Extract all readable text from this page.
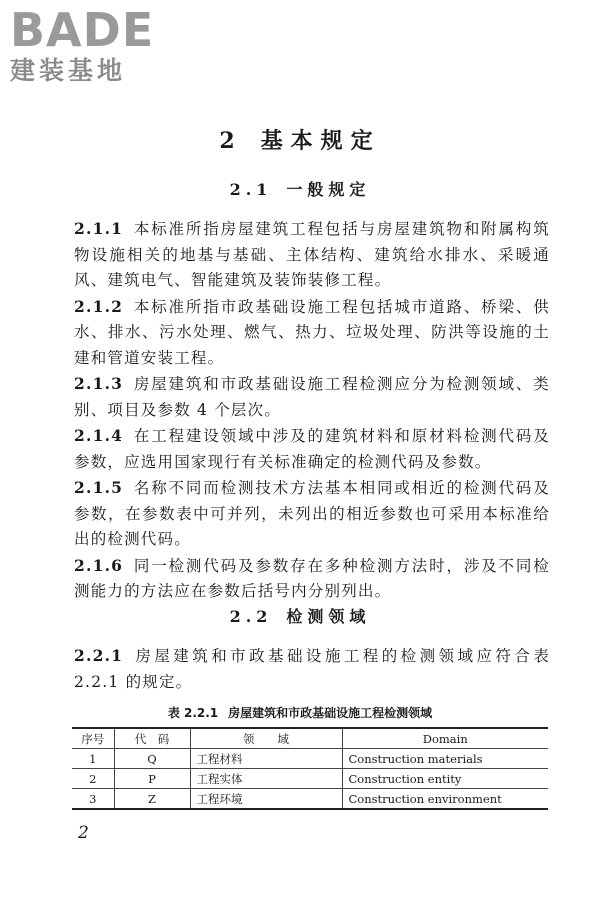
BADE
建装基地
2 基本规定
2.1 一般规定

2.1.1 本标准所指房屋建筑工程包括与房屋建筑物和附属构筑物设施相关的地基与基础、主体结构、建筑给水排水、采暖通风、建筑电气、智能建筑及装饰装修工程。

2.1.2 本标准所指市政基础设施工程包括城市道路、桥梁、供水、排水、污水处理、燃气、热力、垃圾处理、防洪等设施的土建和管道安装工程。

2.1.3 房屋建筑和市政基础设施工程检测应分为检测领域、类别、项目及参数 4 个层次。

2.1.4 在工程建设领域中涉及的建筑材料和原材料检测代码及参数，应选用国家现行有关标准确定的检测代码及参数。

2.1.5 名称不同而检测技术方法基本相同或相近的检测代码及参数，在参数表中可并列，未列出的相近参数也可采用本标准给出的检测代码。

2.1.6 同一检测代码及参数存在多种检测方法时，涉及不同检测能力的方法应在参数后括号内分别列出。

2.2 检测领域

2.2.1 房屋建筑和市政基础设施工程的检测领域应符合表 2.2.1 的规定。

表 2.2.1 房屋建筑和市政基础设施工程检测领域
序号	代　码	领　　域	Domain
1	Q	工程材料	Construction materials
2	P	工程实体	Construction entity
3	Z	工程环境	Construction environment
2
